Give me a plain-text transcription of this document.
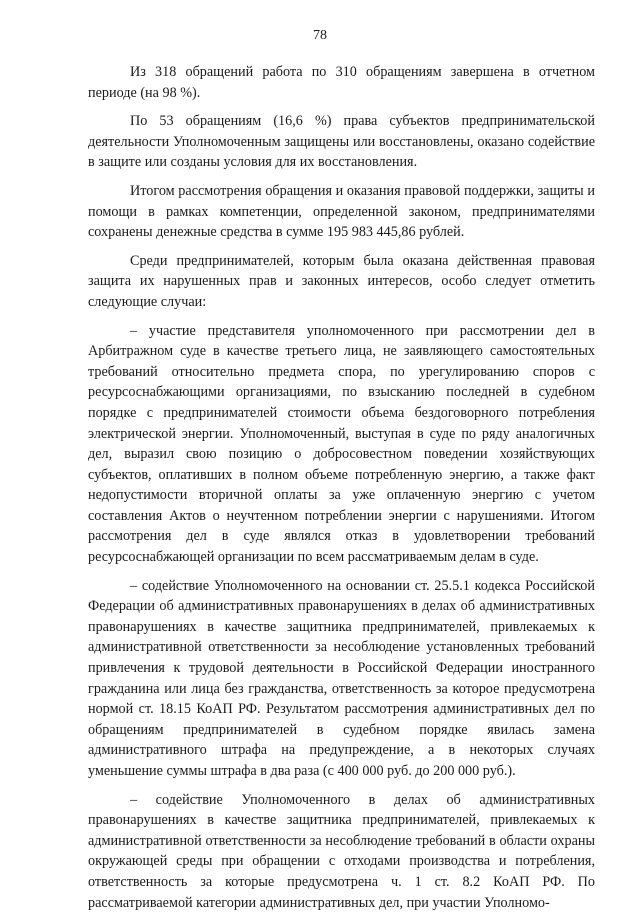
78

Из 318 обращений работа по 310 обращениям завершена в отчетном периоде (на 98 %).

По 53 обращениям (16,6 %) права субъектов предпринимательской деятельности Уполномоченным защищены или восстановлены, оказано содействие в защите или созданы условия для их восстановления.

Итогом рассмотрения обращения и оказания правовой поддержки, защиты и помощи в рамках компетенции, определенной законом, предпринимателями сохранены денежные средства в сумме 195 983 445,86 рублей.

Среди предпринимателей, которым была оказана действенная правовая защита их нарушенных прав и законных интересов, особо следует отметить следующие случаи:

– участие представителя уполномоченного при рассмотрении дел в Арбитражном суде в качестве третьего лица, не заявляющего самостоятельных требований относительно предмета спора, по урегулированию споров с ресурсоснабжающими организациями, по взысканию последней в судебном порядке с предпринимателей стоимости объема бездоговорного потребления электрической энергии. Уполномоченный, выступая в суде по ряду аналогичных дел, выразил свою позицию о добросовестном поведении хозяйствующих субъектов, оплативших в полном объеме потребленную энергию, а также факт недопустимости вторичной оплаты за уже оплаченную энергию с учетом составления Актов о неучтенном потреблении энергии с нарушениями. Итогом рассмотрения дел в суде являлся отказ в удовлетворении требований ресурсоснабжающей организации по всем рассматриваемым делам в суде.

– содействие Уполномоченного на основании ст. 25.5.1 кодекса Российской Федерации об административных правонарушениях в делах об административных правонарушениях в качестве защитника предпринимателей, привлекаемых к административной ответственности за несоблюдение установленных требований привлечения к трудовой деятельности в Российской Федерации иностранного гражданина или лица без гражданства, ответственность за которое предусмотрена нормой ст. 18.15 КоАП РФ. Результатом рассмотрения административных дел по обращениям предпринимателей в судебном порядке явилась замена административного штрафа на предупреждение, а в некоторых случаях уменьшение суммы штрафа в два раза (с 400 000 руб. до 200 000 руб.).

– содействие Уполномоченного в делах об административных правонарушениях в качестве защитника предпринимателей, привлекаемых к административной ответственности за несоблюдение требований в области охраны окружающей среды при обращении с отходами производства и потребления, ответственность за которые предусмотрена ч. 1 ст. 8.2 КоАП РФ. По рассматриваемой категории административных дел, при участии Уполномо-
